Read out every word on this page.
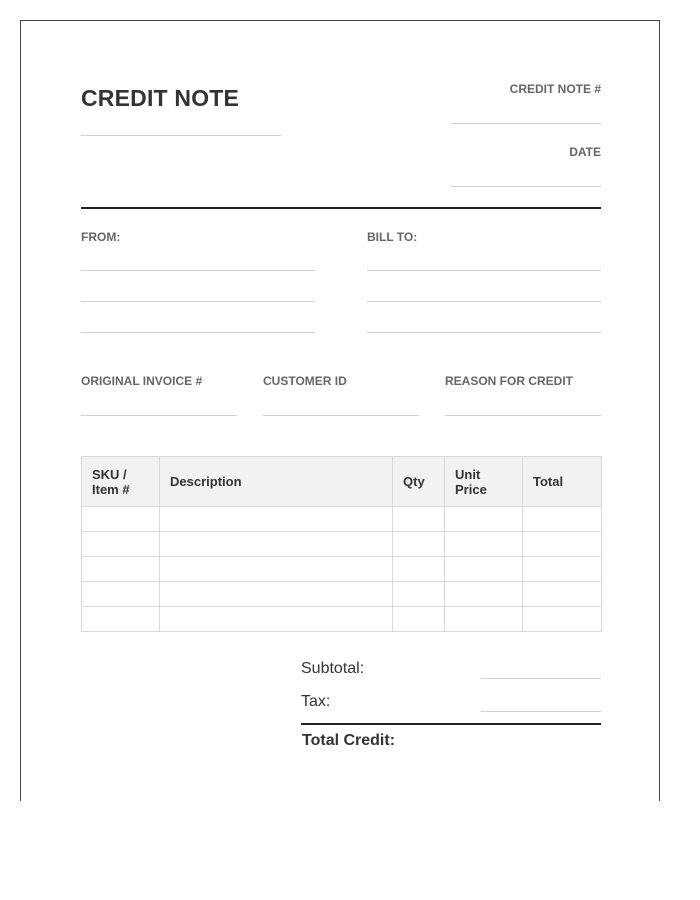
CREDIT NOTE	CREDIT NOTE #
DATE
FROM:	BILL TO:
ORIGINAL INVOICE #	CUSTOMER ID	REASON FOR CREDIT
SKU / Item #	Description	Qty	Unit Price	Total

Subtotal:
Tax:
Total Credit:
